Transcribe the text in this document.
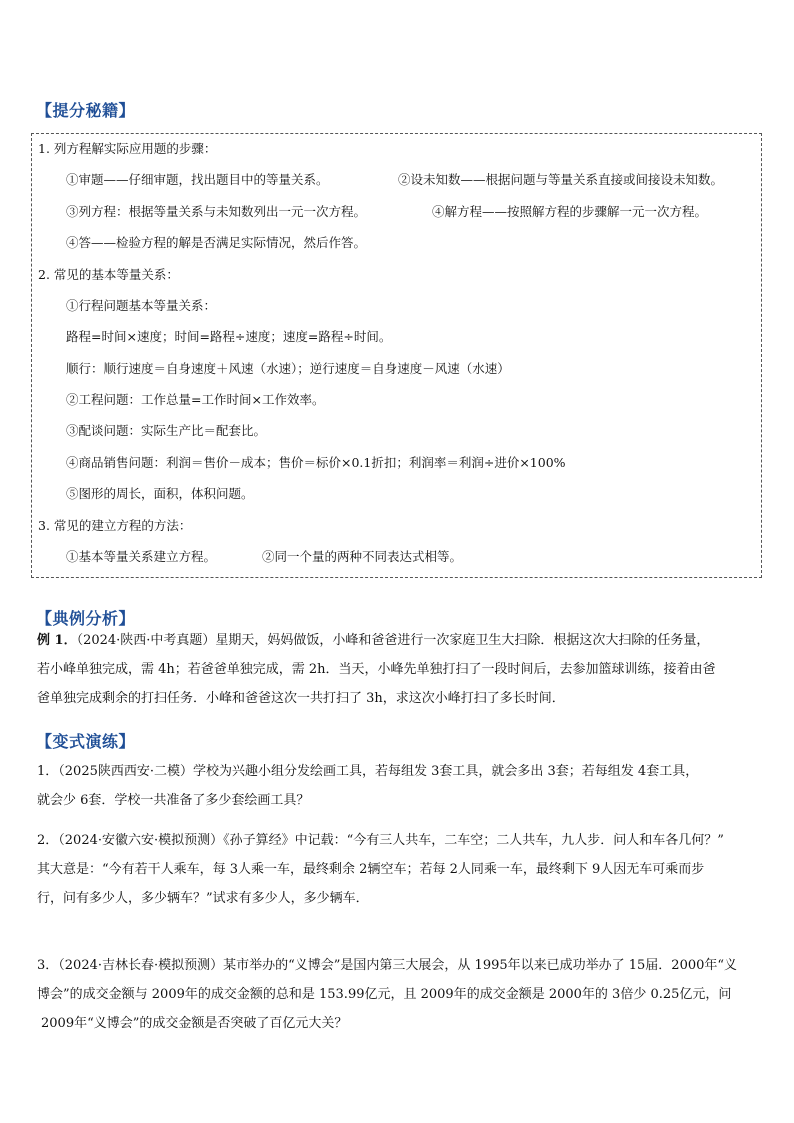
【提分秘籍】
1. 列方程解实际应用题的步骤：
①审题——仔细审题，找出题目中的等量关系。	②设未知数——根据问题与等量关系直接或间接设未知数。
③列方程：根据等量关系与未知数列出一元一次方程。	④解方程——按照解方程的步骤解一元一次方程。
④答——检验方程的解是否满足实际情况，然后作答。
2. 常见的基本等量关系：
①行程问题基本等量关系：
路程=时间×速度；时间=路程÷速度；速度=路程÷时间。
顺行：顺行速度＝自身速度＋风速（水速）；逆行速度＝自身速度－风速（水速）
②工程问题：工作总量=工作时间×工作效率。
③配谈问题：实际生产比＝配套比。
④商品销售问题：利润＝售价－成本；售价＝标价×0.1折扣；利润率＝利润÷进价×100%
⑤图形的周长，面积，体积问题。
3. 常见的建立方程的方法：
①基本等量关系建立方程。	②同一个量的两种不同表达式相等。
【典例分析】
例 1．（2024·陕西·中考真题）星期天，妈妈做饭，小峰和爸爸进行一次家庭卫生大扫除．根据这次大扫除的任务量，
若小峰单独完成，需 4h；若爸爸单独完成，需 2h．当天，小峰先单独打扫了一段时间后，去参加篮球训练，接着由爸
爸单独完成剩余的打扫任务．小峰和爸爸这次一共打扫了 3h，求这次小峰打扫了多长时间．
【变式演练】
1．（2025陕西西安·二模）学校为兴趣小组分发绘画工具，若每组发 3套工具，就会多出 3套；若每组发 4套工具，
就会少 6套．学校一共准备了多少套绘画工具？
2．（2024·安徽六安·模拟预测）《孙子算经》中记载：“今有三人共车，二车空；二人共车，九人步．问人和车各几何？”
其大意是：“今有若干人乘车，每 3人乘一车，最终剩余 2辆空车；若每 2人同乘一车，最终剩下 9人因无车可乘而步
行，问有多少人，多少辆车？”试求有多少人，多少辆车．
3．（2024·吉林长春·模拟预测）某市举办的“义博会”是国内第三大展会，从 1995年以来已成功举办了 15届．2000年“义
博会”的成交金额与 2009年的成交金额的总和是 153.99亿元，且 2009年的成交金额是 2000年的 3倍少 0.25亿元，问
2009年“义博会”的成交金额是否突破了百亿元大关？
